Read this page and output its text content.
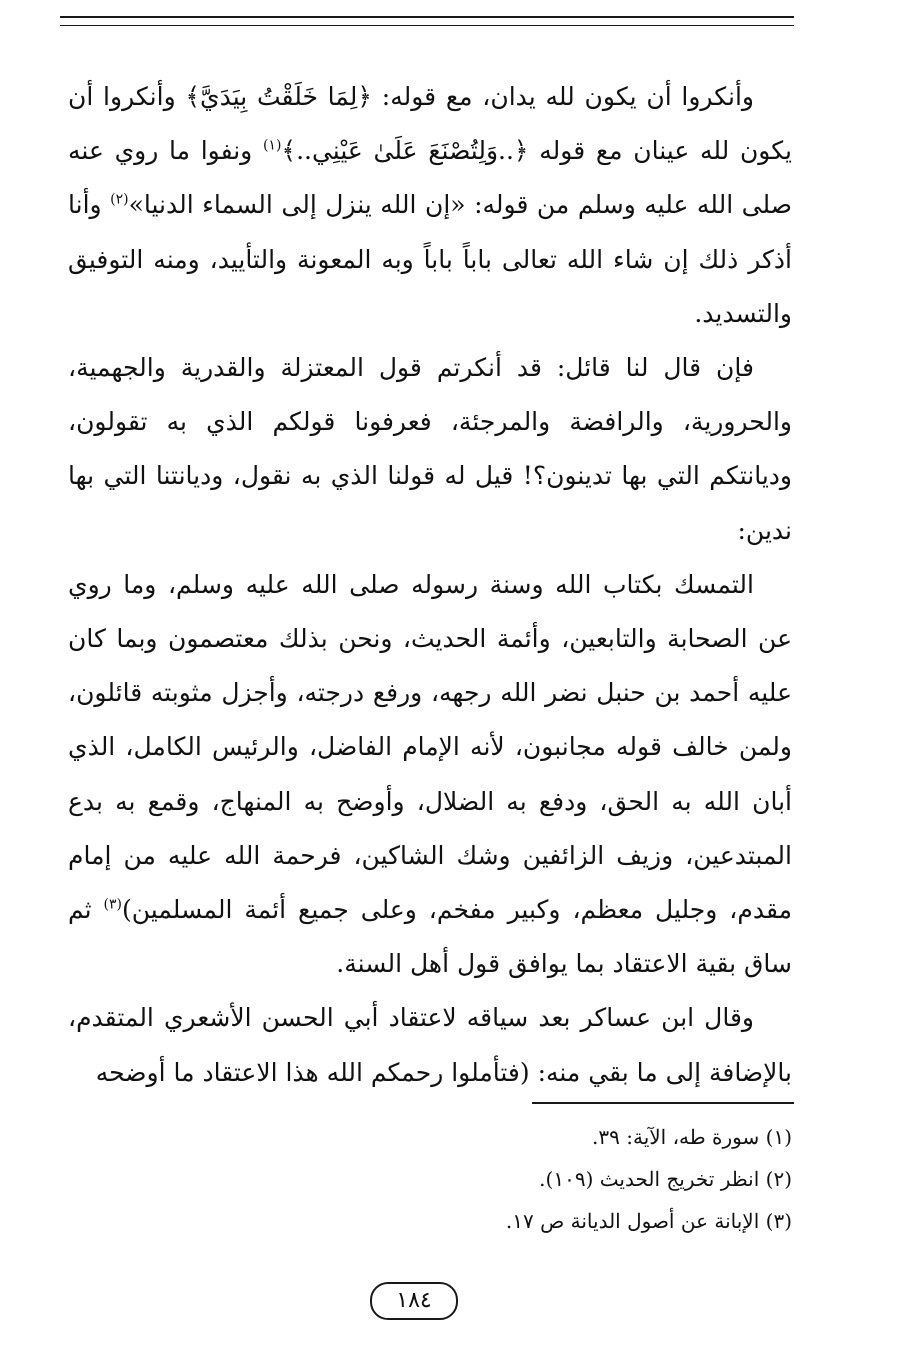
وأنكروا أن يكون لله يدان، مع قوله: ﴿لِمَا خَلَقْتُ بِيَدَيَّ﴾ وأنكروا أن يكون لله عينان مع قوله ﴿..وَلِتُصْنَعَ عَلَىٰ عَيْنِي..﴾$^{(١)}$ ونفوا ما روي عنه صلى الله عليه وسلم من قوله: «إن الله ينزل إلى السماء الدنيا»$^{(٢)}$ وأنا أذكر ذلك إن شاء الله تعالى باباً باباً وبه المعونة والتأييد، ومنه التوفيق والتسديد.

فإن قال لنا قائل: قد أنكرتم قول المعتزلة والقدرية والجهمية، والحرورية، والرافضة والمرجئة، فعرفونا قولكم الذي به تقولون، وديانتكم التي بها تدينون؟! قيل له قولنا الذي به نقول، وديانتنا التي بها ندين:

التمسك بكتاب الله وسنة رسوله صلى الله عليه وسلم، وما روي عن الصحابة والتابعين، وأئمة الحديث، ونحن بذلك معتصمون وبما كان عليه أحمد بن حنبل نضر الله رجهه، ورفع درجته، وأجزل مثوبته قائلون، ولمن خالف قوله مجانبون، لأنه الإمام الفاضل، والرئيس الكامل، الذي أبان الله به الحق، ودفع به الضلال، وأوضح به المنهاج، وقمع به بدع المبتدعين، وزيف الزائفين وشك الشاكين، فرحمة الله عليه من إمام مقدم، وجليل معظم، وكبير مفخم، وعلى جميع أئمة المسلمين)$^{(٣)}$ ثم ساق بقية الاعتقاد بما يوافق قول أهل السنة.

وقال ابن عساكر بعد سياقه لاعتقاد أبي الحسن الأشعري المتقدم، بالإضافة إلى ما بقي منه: (فتأملوا رحمكم الله هذا الاعتقاد ما أوضحه

(١) سورة طه، الآية: ٣٩.
(٢) انظر تخريج الحديث (١٠٩).
(٣) الإبانة عن أصول الديانة ص ١٧.
١٨٤
